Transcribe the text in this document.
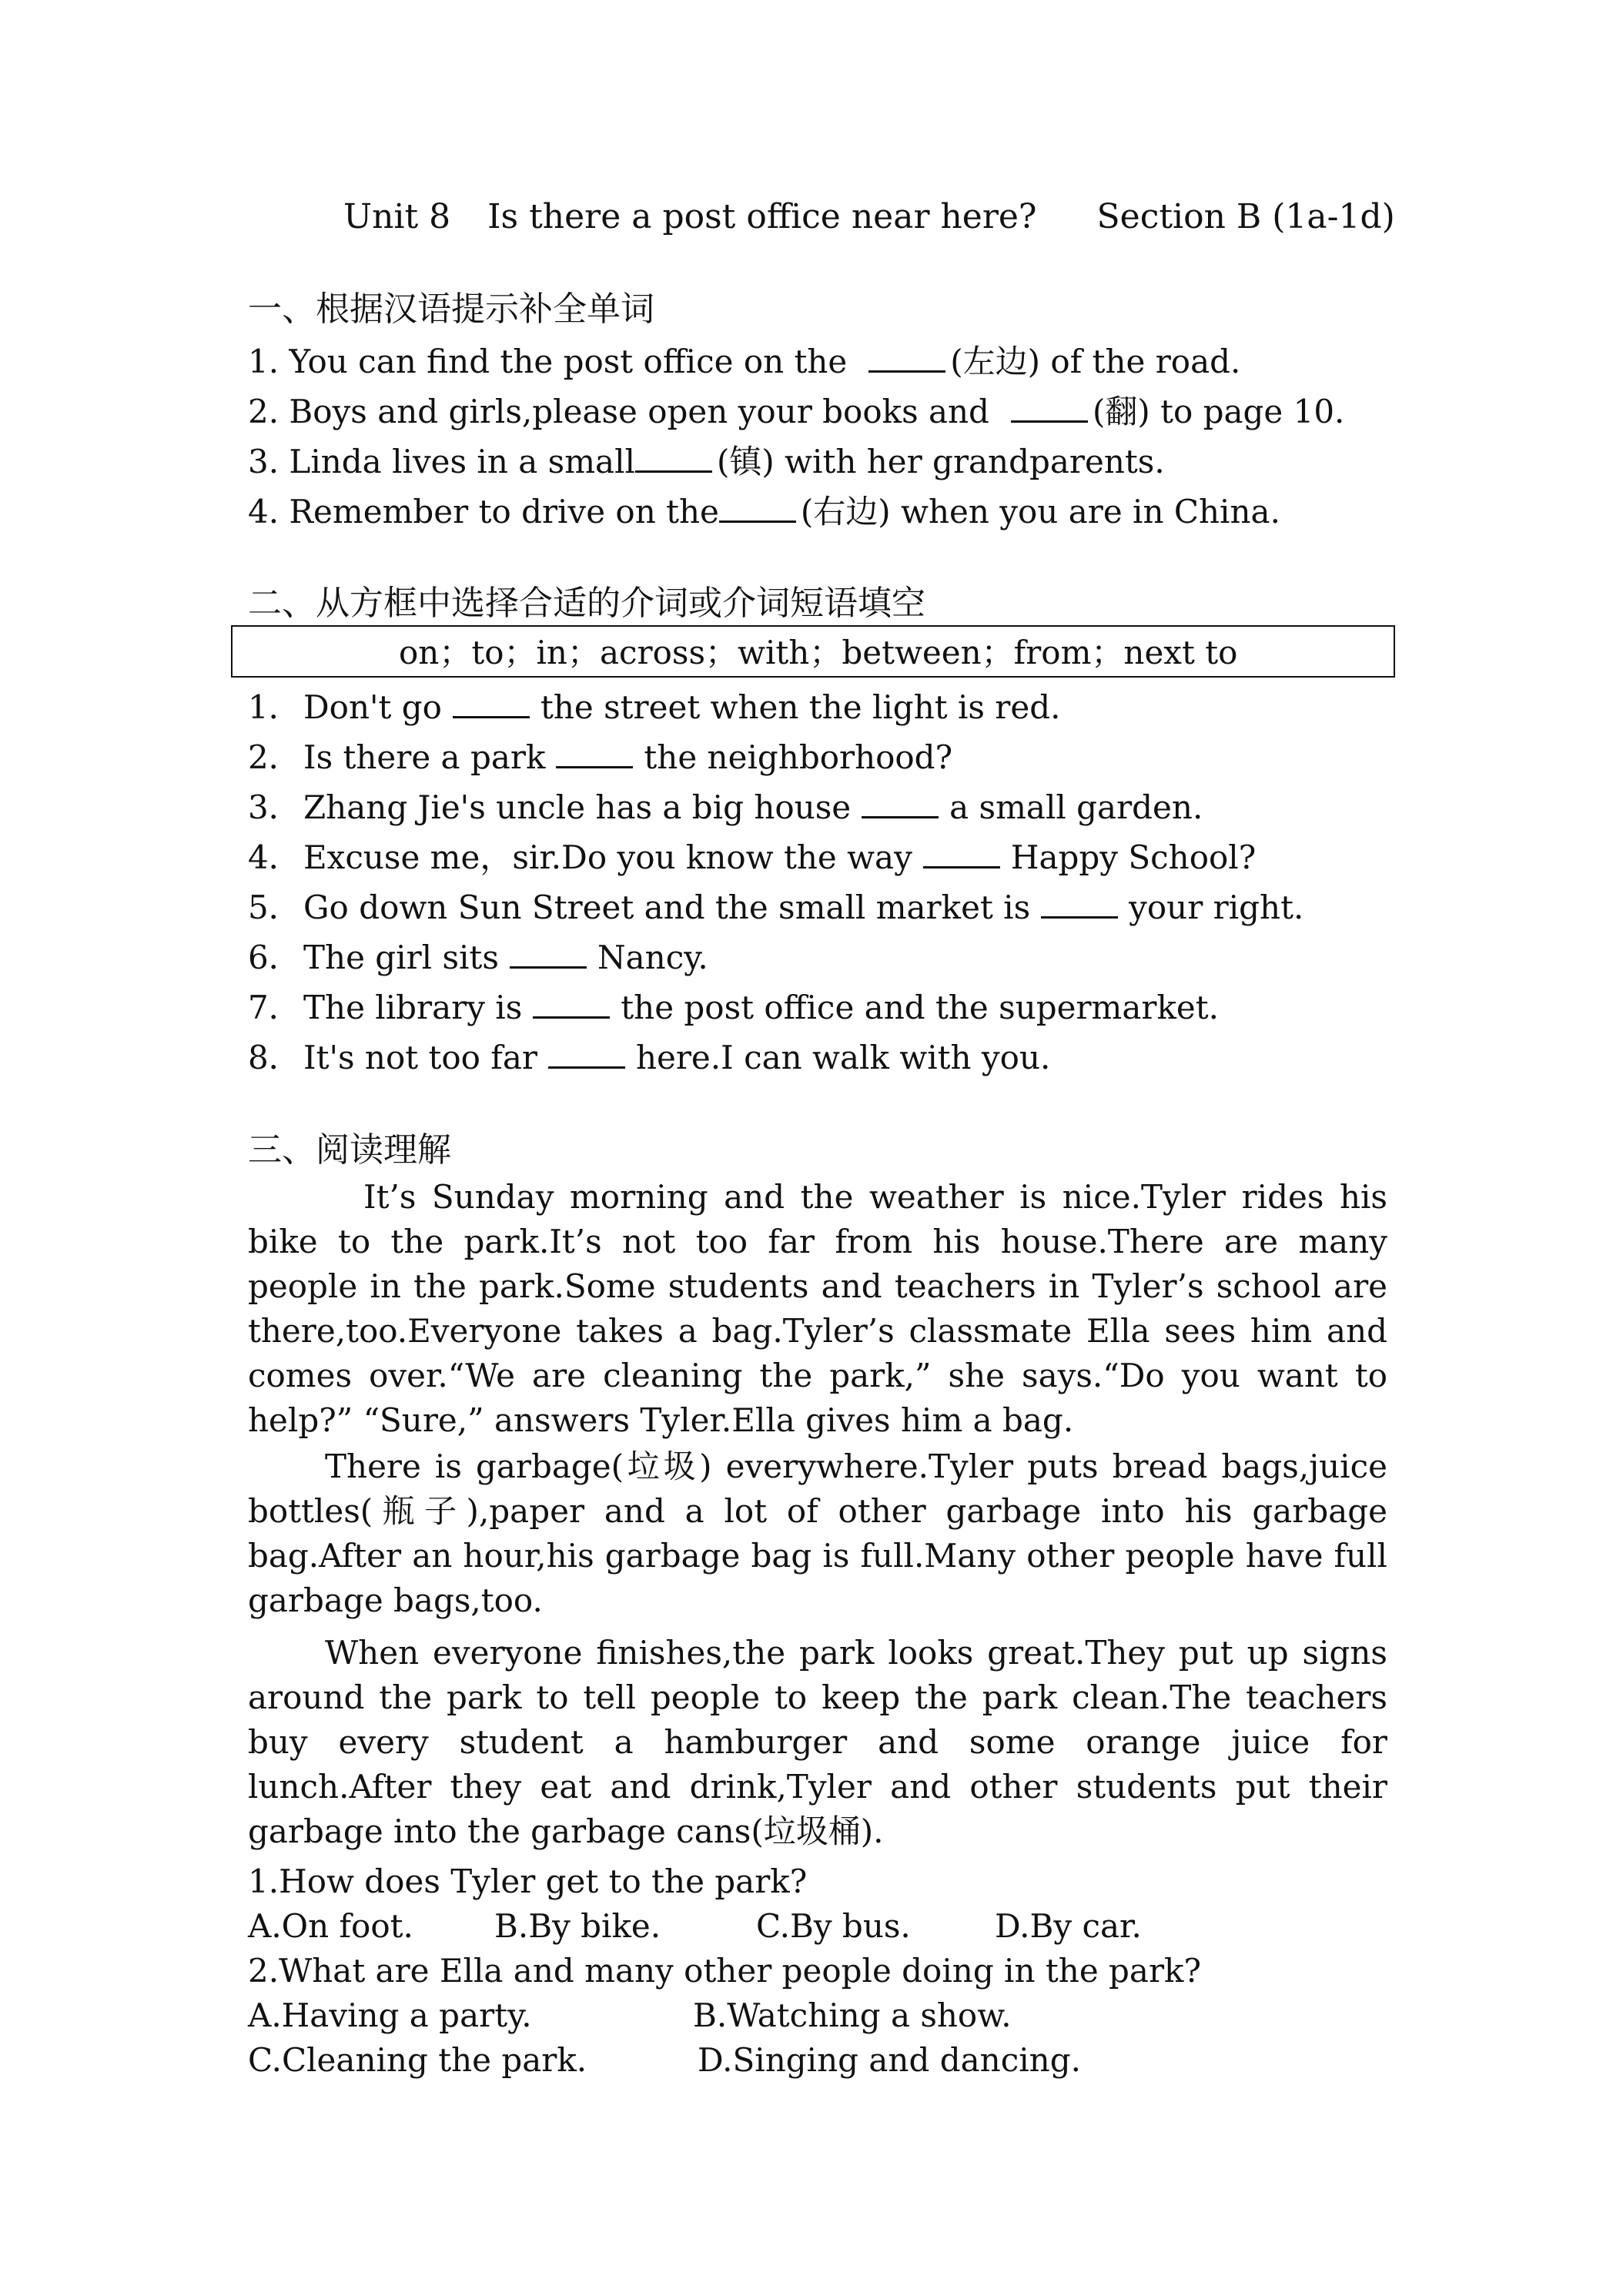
Unit 8 Is there a post office near here? Section B (1a-1d)
一、根据汉语提示补全单词
1. You can find the post office on the	(左边) of the road.
2. Boys and girls,please open your books and	(翻) to page 10.
3. Linda lives in a small	(镇) with her grandparents.
4. Remember to drive on the	(右边) when you are in China.
二、从方框中选择合适的介词或介词短语填空
on；to；in；across；with；between；from；next to
1．Don't go	the street when the light is red.
2．Is there a park	the neighborhood?
3．Zhang Jie's uncle has a big house	a small garden.
4．Excuse me，sir.Do you know the way	Happy School?
5．Go down Sun Street and the small market is	your right.
6．The girl sits	Nancy.
7．The library is	the post office and the supermarket.
8．It's not too far	here.I can walk with you.
三、阅读理解
It’s Sunday morning and the weather is nice.Tyler rides his bike to the park.It’s not too far from his house.There are many people in the park.Some students and teachers in Tyler’s school are there,too.Everyone takes a bag.Tyler’s classmate Ella sees him and comes over.“We are cleaning the park,” she says.“Do you want to help?” “Sure,” answers Tyler.Ella gives him a bag.
There is garbage(垃圾) everywhere.Tyler puts bread bags,juice bottles(瓶子),paper and a lot of other garbage into his garbage bag.After an hour,his garbage bag is full.Many other people have full garbage bags,too.
When everyone finishes,the park looks great.They put up signs around the park to tell people to keep the park clean.The teachers buy every student a hamburger and some orange juice for lunch.After they eat and drink,Tyler and other students put their garbage into the garbage cans(垃圾桶).
1.How does Tyler get to the park?
A.On foot.	B.By bike.	C.By bus.	D.By car.
2.What are Ella and many other people doing in the park?
A.Having a party.	B.Watching a show.
C.Cleaning the park.	D.Singing and dancing.
